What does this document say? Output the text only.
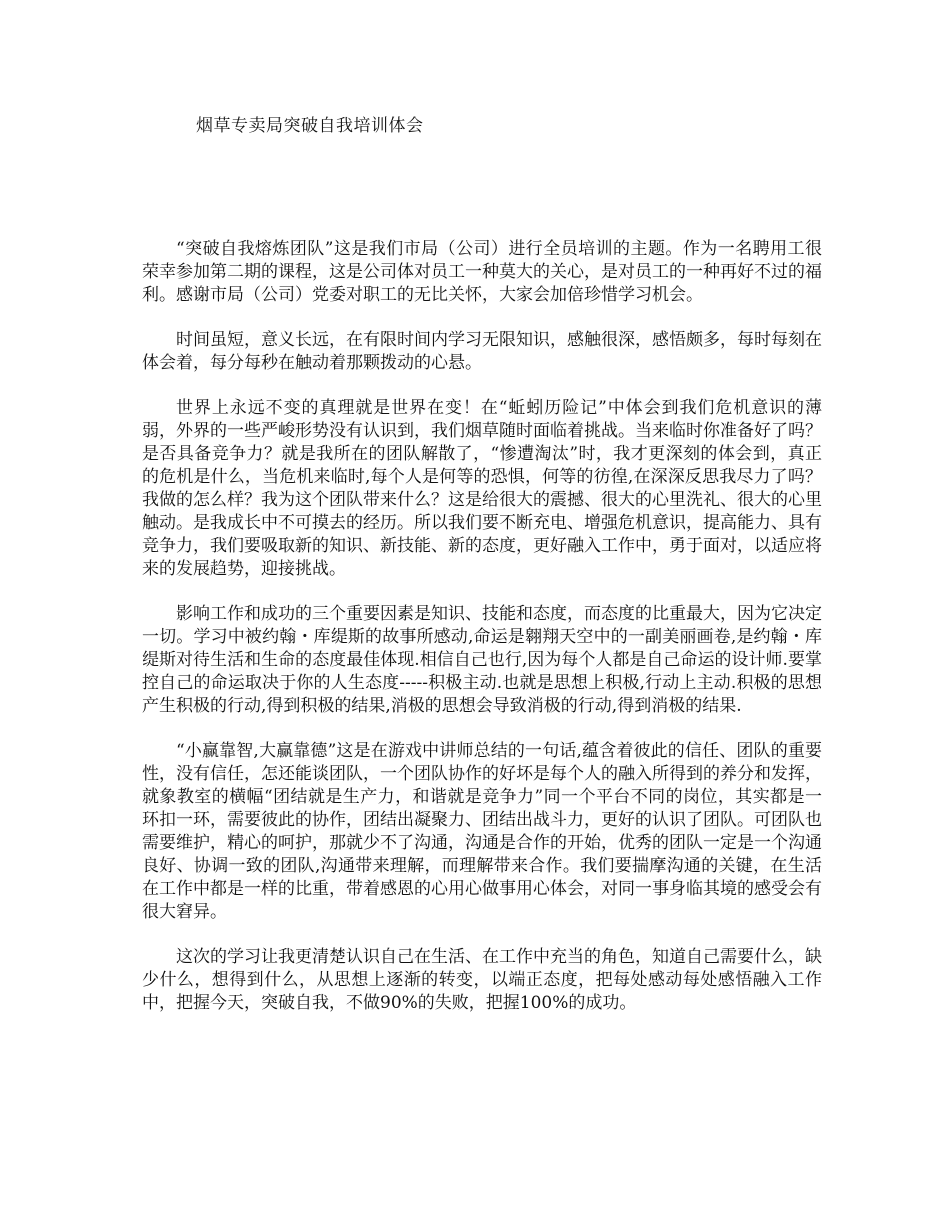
烟草专卖局突破自我培训体会

“突破自我熔炼团队”这是我们市局（公司）进行全员培训的主题。作为一名聘用工很荣幸参加第二期的课程，这是公司体对员工一种莫大的关心，是对员工的一种再好不过的福利。感谢市局（公司）党委对职工的无比关怀，大家会加倍珍惜学习机会。

时间虽短，意义长远，在有限时间内学习无限知识，感触很深，感悟颇多，每时每刻在体会着，每分每秒在触动着那颗拨动的心悬。

世界上永远不变的真理就是世界在变！在“蚯蚓历险记”中体会到我们危机意识的薄弱，外界的一些严峻形势没有认识到，我们烟草随时面临着挑战。当来临时你准备好了吗？是否具备竞争力？就是我所在的团队解散了，“惨遭淘汰”时，我才更深刻的体会到，真正的危机是什么，当危机来临时,每个人是何等的恐惧，何等的彷徨,在深深反思我尽力了吗？我做的怎么样？我为这个团队带来什么？这是给很大的震撼、很大的心里洗礼、很大的心里触动。是我成长中不可摸去的经历。所以我们要不断充电、增强危机意识，提高能力、具有竞争力，我们要吸取新的知识、新技能、新的态度，更好融入工作中，勇于面对，以适应将来的发展趋势，迎接挑战。

影响工作和成功的三个重要因素是知识、技能和态度，而态度的比重最大，因为它决定一切。学习中被约翰・库缇斯的故事所感动,命运是翱翔天空中的一副美丽画卷,是约翰・库缇斯对待生活和生命的态度最佳体现.相信自己也行,因为每个人都是自己命运的设计师.要掌控自己的命运取决于你的人生态度-----积极主动.也就是思想上积极,行动上主动.积极的思想产生积极的行动,得到积极的结果,消极的思想会导致消极的行动,得到消极的结果.

“小赢靠智,大赢靠德”这是在游戏中讲师总结的一句话,蕴含着彼此的信任、团队的重要性，没有信任，怎还能谈团队，一个团队协作的好坏是每个人的融入所得到的养分和发挥，就象教室的横幅“团结就是生产力，和谐就是竞争力”同一个平台不同的岗位，其实都是一环扣一环，需要彼此的协作，团结出凝聚力、团结出战斗力，更好的认识了团队。可团队也需要维护，精心的呵护，那就少不了沟通，沟通是合作的开始，优秀的团队一定是一个沟通良好、协调一致的团队,沟通带来理解，而理解带来合作。我们要揣摩沟通的关键，在生活在工作中都是一样的比重，带着感恩的心用心做事用心体会，对同一事身临其境的感受会有很大窘异。

这次的学习让我更清楚认识自己在生活、在工作中充当的角色，知道自己需要什么，缺少什么，想得到什么，从思想上逐渐的转变，以端正态度，把每处感动每处感悟融入工作中，把握今天，突破自我，不做90%的失败，把握100%的成功。
